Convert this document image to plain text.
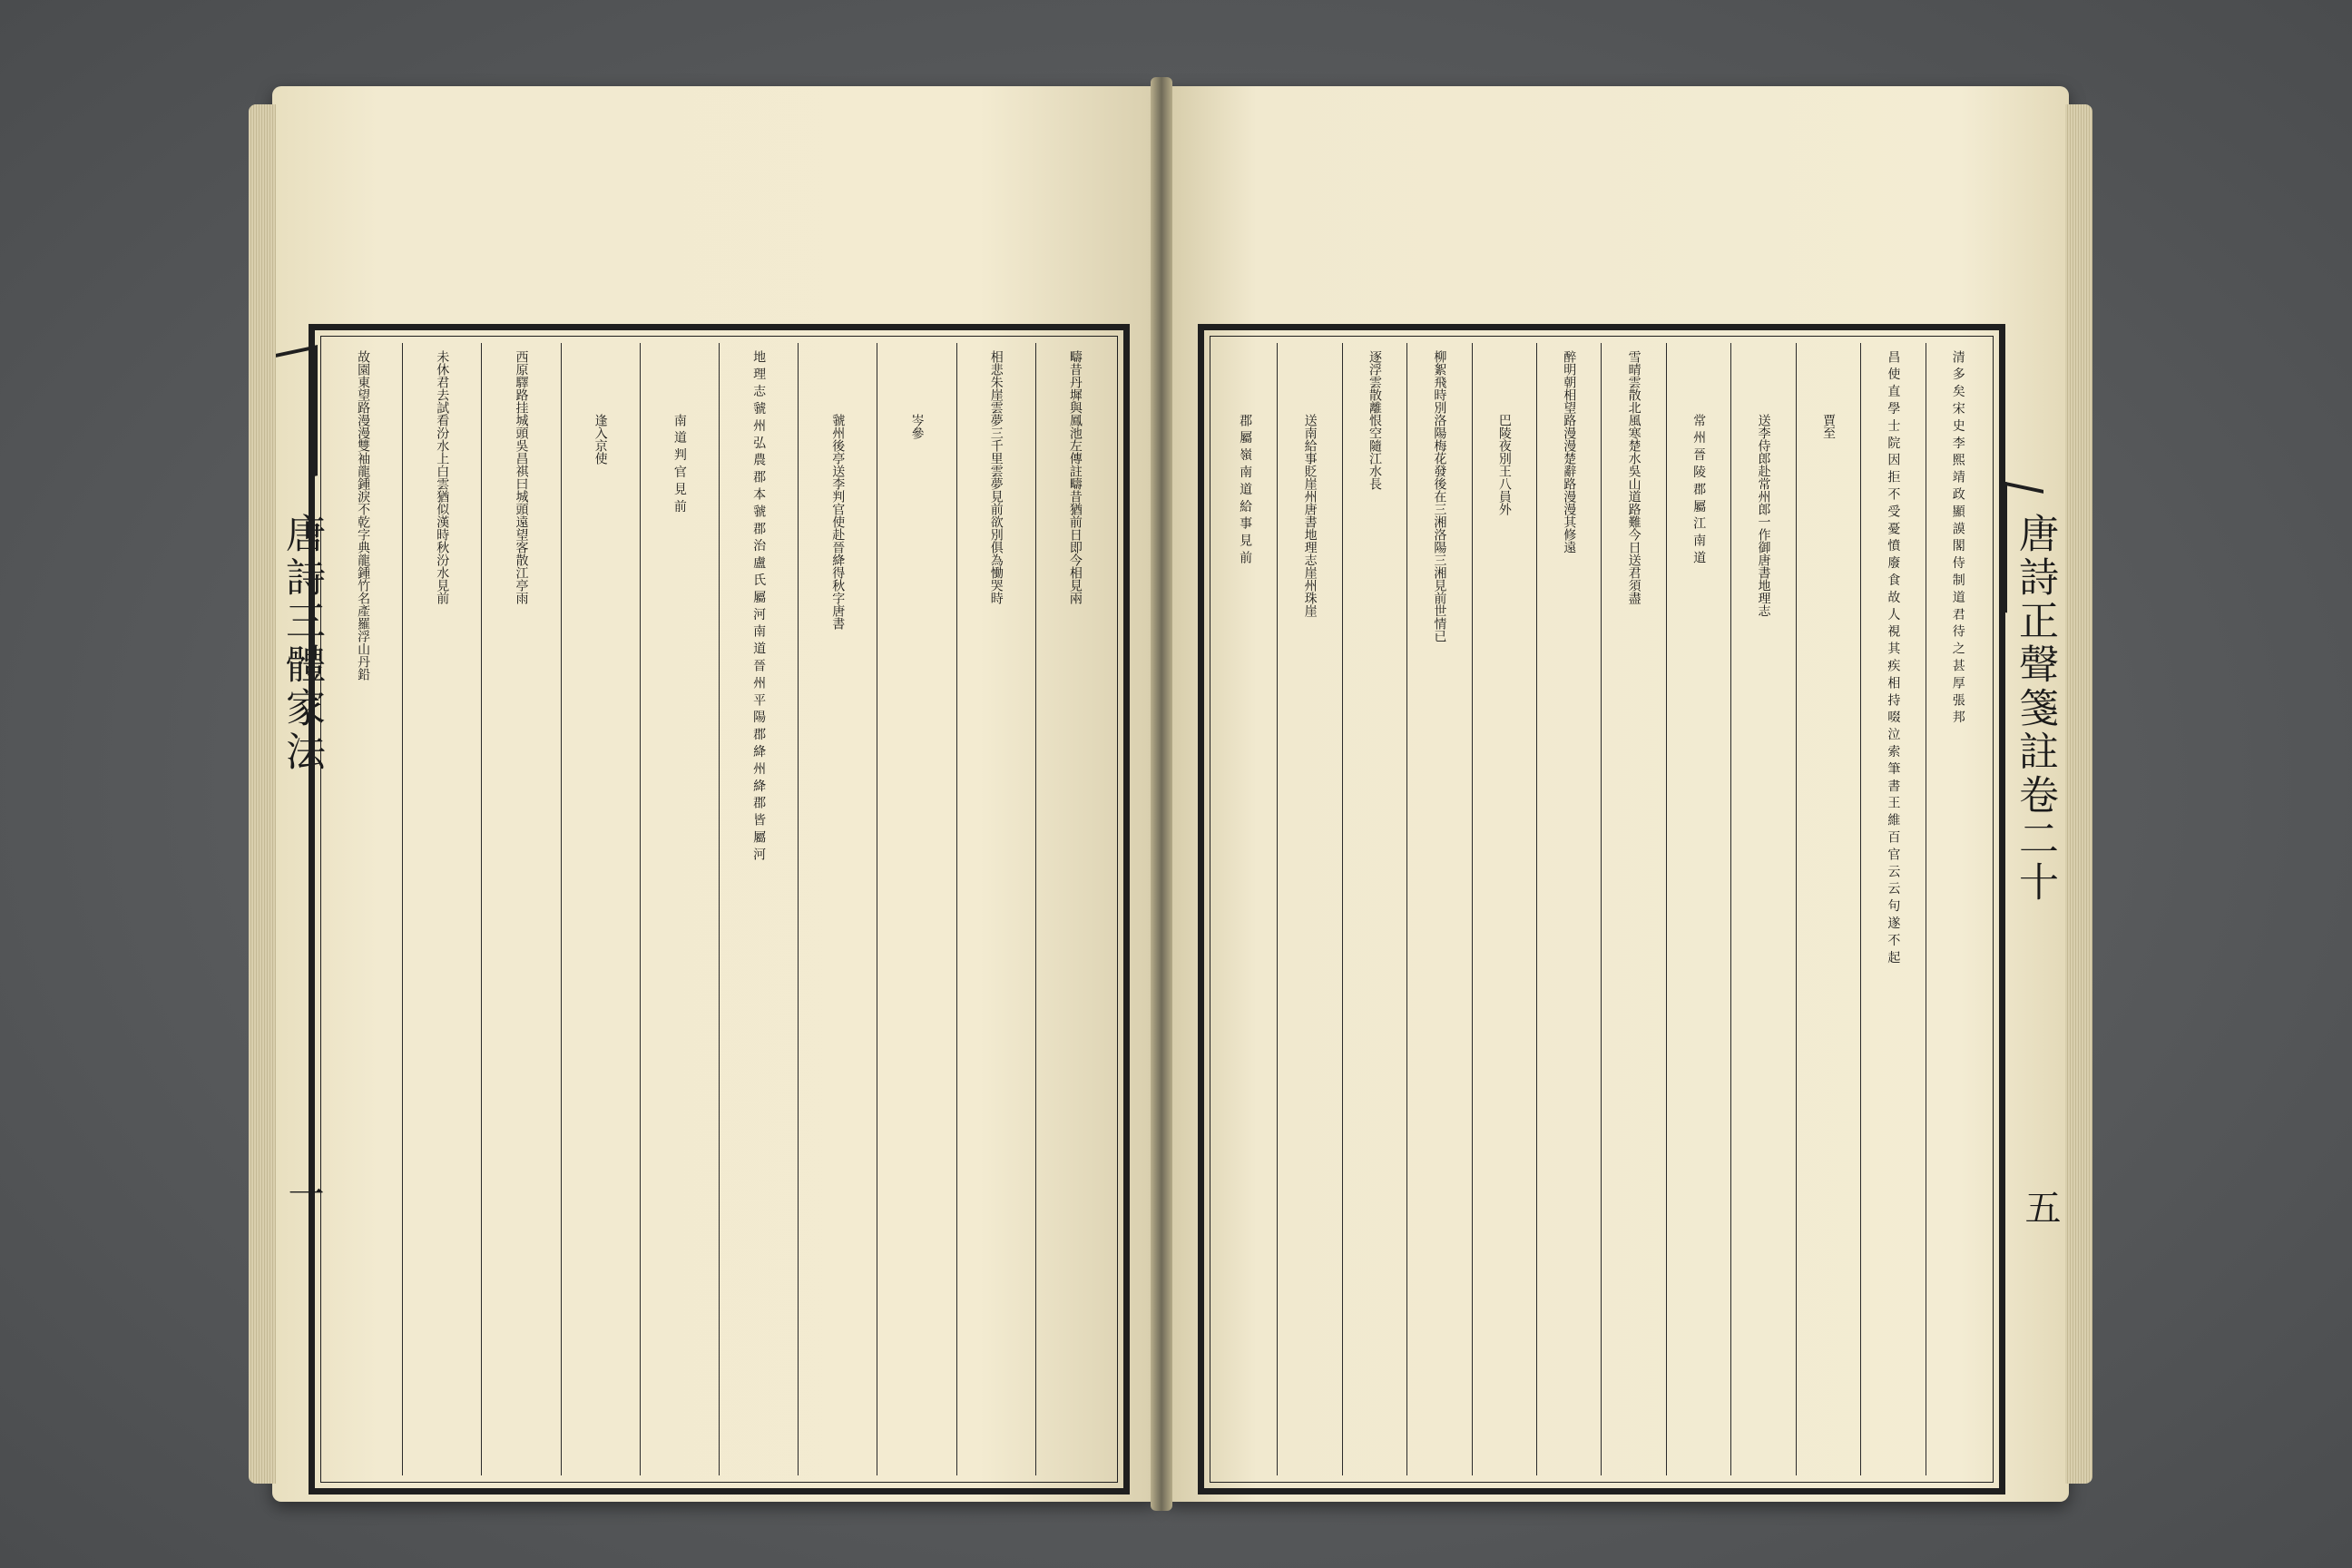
唐詩三體家法
一
唐詩正聲箋註卷二十
五
疇昔丹墀與鳳池左傳註疇昔猶前日即今相見兩
相悲朱崖雲夢三千里雲夢見前欲別俱為慟哭時
岑參
虢州後亭送李判官使赴晉絳得秋字唐書
地理志虢州弘農郡本虢郡治盧氏屬河南道晉州平陽郡絳州絳郡皆屬河
南道判官見前
逢入京使
西原驛路挂城頭吳昌祺曰城頭遠望客散江亭雨
未休君去試看汾水上白雲猶似漢時秋汾水見前
故園東望路漫漫雙袖龍鍾淚不乾字典龍鍾竹名產羅浮山丹鉛	清多矣宋史李熙靖政顯謨閣侍制道君待之甚厚張邦
昌使直學士院因拒不受憂憤廢食故人視其疾相持啜泣索筆書王維百官云云句遂不起
賈至
送李侍郎赴常州郎一作御唐書地理志
常州晉陵郡屬江南道
雪晴雲散北風寒楚水吳山道路難今日送君須盡
醉明朝相望路漫漫楚辭路漫漫其修遠
巴陵夜別王八員外
柳絮飛時別洛陽梅花發後在三湘洛陽三湘見前世情已
逐浮雲散離恨空隨江水長
送南給事貶崖州唐書地理志崖州珠崖
郡屬嶺南道給事見前
